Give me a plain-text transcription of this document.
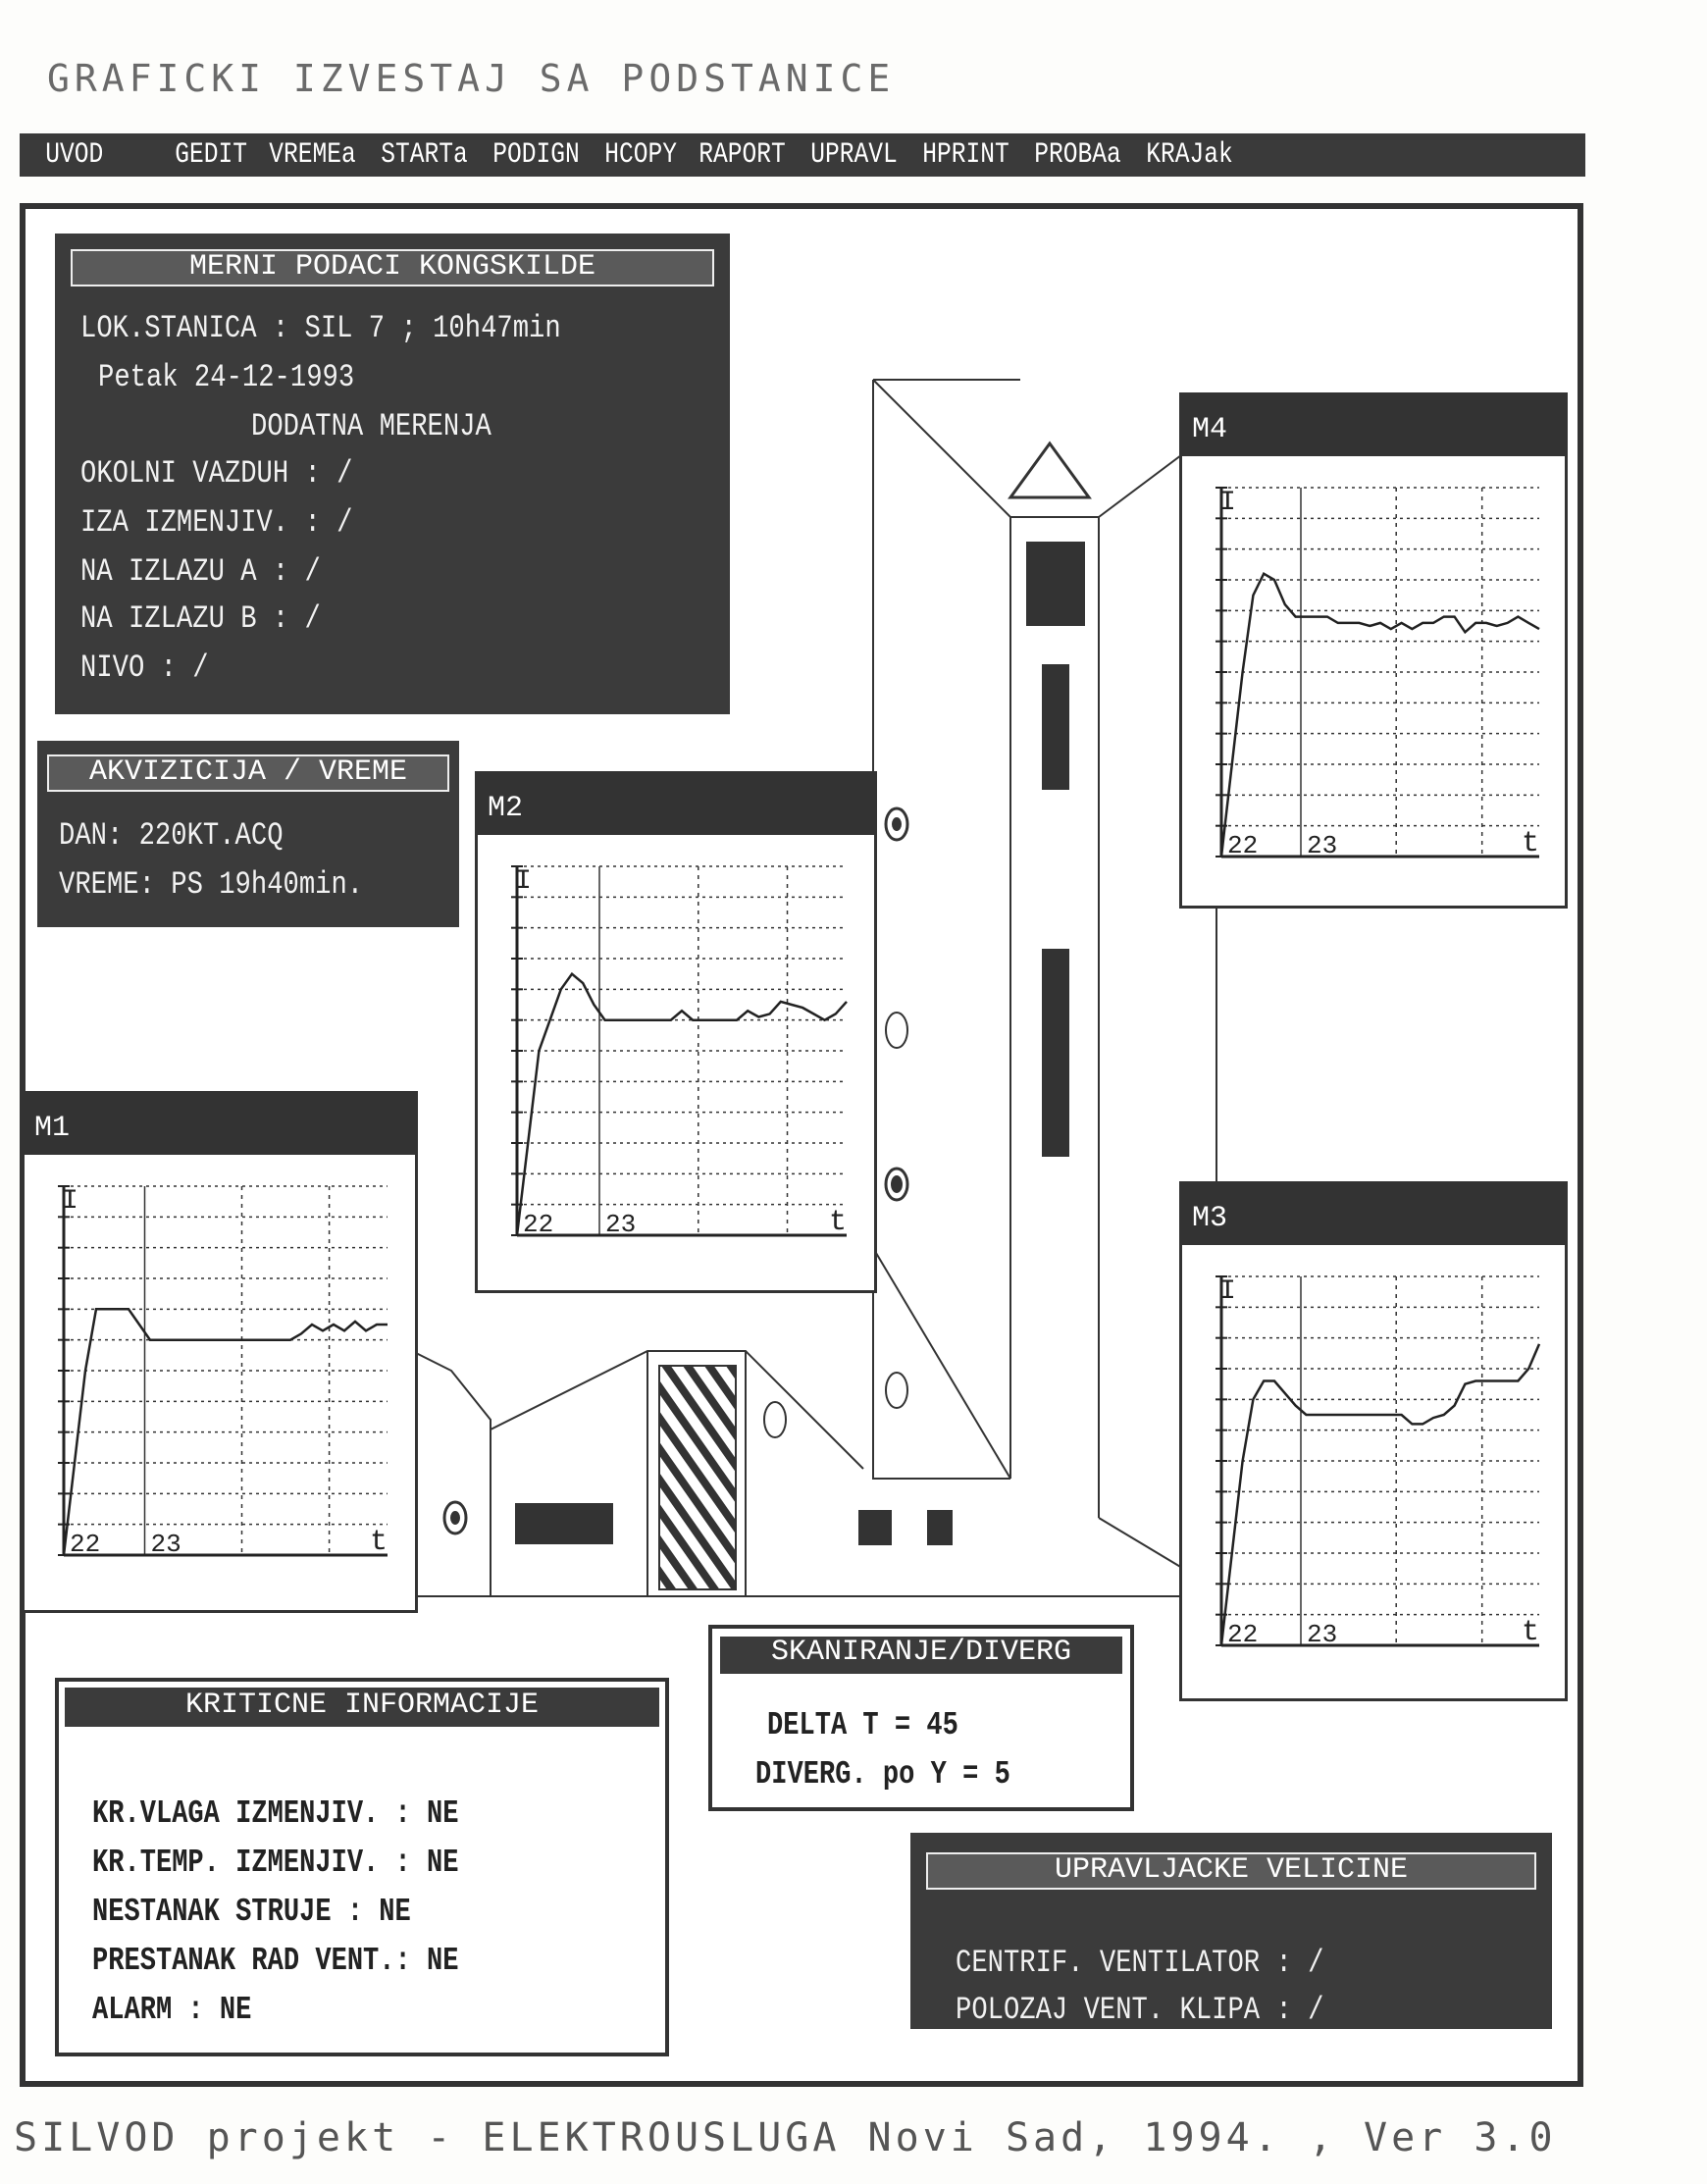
GRAFICKI IZVESTAJ SA PODSTANICE
UVOD GEDIT VREMEa STARTa PODIGN HCOPY RAPORT UPRAVL HPRINT PROBAa KRAJak
MERNI PODACI KONGSKILDE
LOK.STANICA : SIL 7 ; 10h47min
Petak 24-12-1993
DODATNA MERENJA
OKOLNI VAZDUH : /
IZA IZMENJIV. : /
NA IZLAZU A : /
NA IZLAZU B : /
NIVO : /
AKVIZICIJA / VREME
DAN: 220KT.ACQ
VREME: PS 19h40min.
M1
I
t
22 23
M2
I
t
22 23	M3
I
t
22 23
M4
I
t
22 23
KRITICNE INFORMACIJE
KR.VLAGA IZMENJIV. : NE
KR.TEMP. IZMENJIV. : NE
NESTANAK STRUJE : NE
PRESTANAK RAD VENT.: NE
ALARM : NE
SKANIRANJE/DIVERG
DELTA T = 45
DIVERG. po Y = 5
UPRAVLJACKE VELICINE
CENTRIF. VENTILATOR : /
POLOZAJ VENT. KLIPA : /
SILVOD projekt - ELEKTROUSLUGA Novi Sad, 1994. , Ver 3.0
